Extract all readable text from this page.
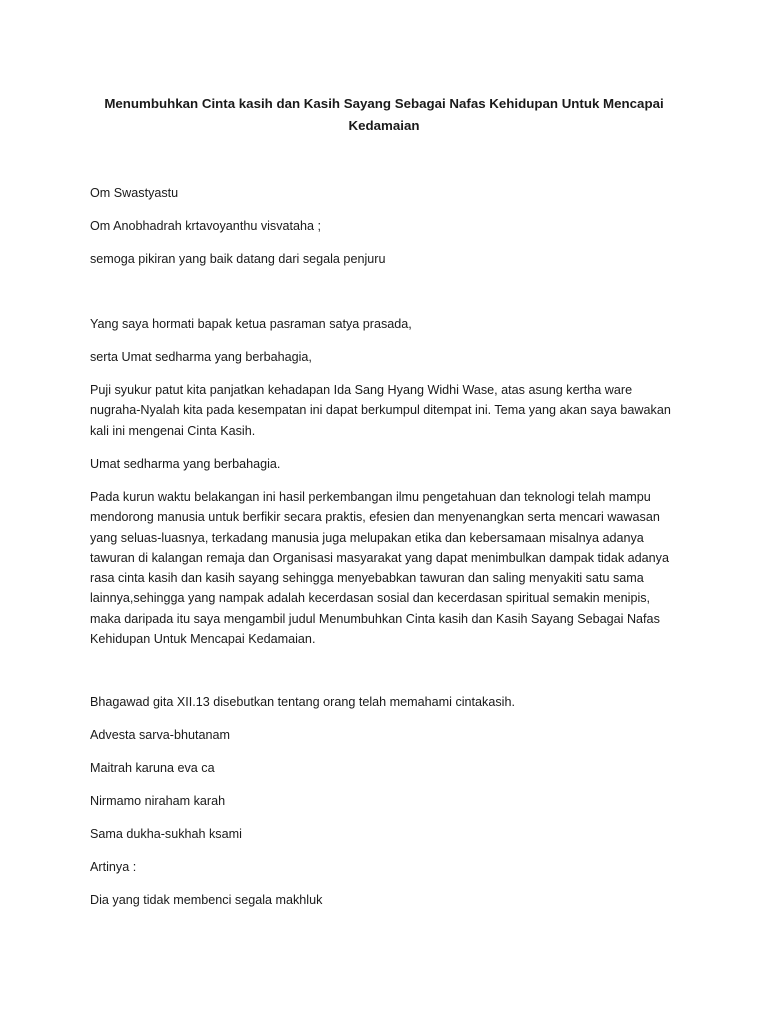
Menumbuhkan Cinta kasih dan Kasih Sayang Sebagai Nafas Kehidupan Untuk Mencapai
Kedamaian

Om Swastyastu

Om Anobhadrah krtavoyanthu visvataha ;

semoga pikiran yang baik datang dari segala penjuru

Yang saya hormati bapak ketua pasraman satya prasada,

serta Umat sedharma yang berbahagia,

Puji syukur patut kita panjatkan kehadapan Ida Sang Hyang Widhi Wase, atas asung kertha ware
nugraha-Nyalah kita pada kesempatan ini dapat berkumpul ditempat ini. Tema yang akan saya bawakan
kali ini mengenai Cinta Kasih.

Umat sedharma yang berbahagia.

Pada kurun waktu belakangan ini hasil perkembangan ilmu pengetahuan dan teknologi telah mampu
mendorong manusia untuk berfikir secara praktis, efesien dan menyenangkan serta mencari wawasan
yang seluas-luasnya, terkadang manusia juga melupakan etika dan kebersamaan misalnya adanya
tawuran di kalangan remaja dan Organisasi masyarakat yang dapat menimbulkan dampak tidak adanya
rasa cinta kasih dan kasih sayang sehingga menyebabkan tawuran dan saling menyakiti satu sama
lainnya,sehingga yang nampak adalah kecerdasan sosial dan kecerdasan spiritual semakin menipis,
maka daripada itu saya mengambil judul Menumbuhkan Cinta kasih dan Kasih Sayang Sebagai Nafas
Kehidupan Untuk Mencapai Kedamaian.

Bhagawad gita XII.13 disebutkan tentang orang telah memahami cintakasih.

Advesta sarva-bhutanam

Maitrah karuna eva ca

Nirmamo niraham karah

Sama dukha-sukhah ksami

Artinya :

Dia yang tidak membenci segala makhluk
